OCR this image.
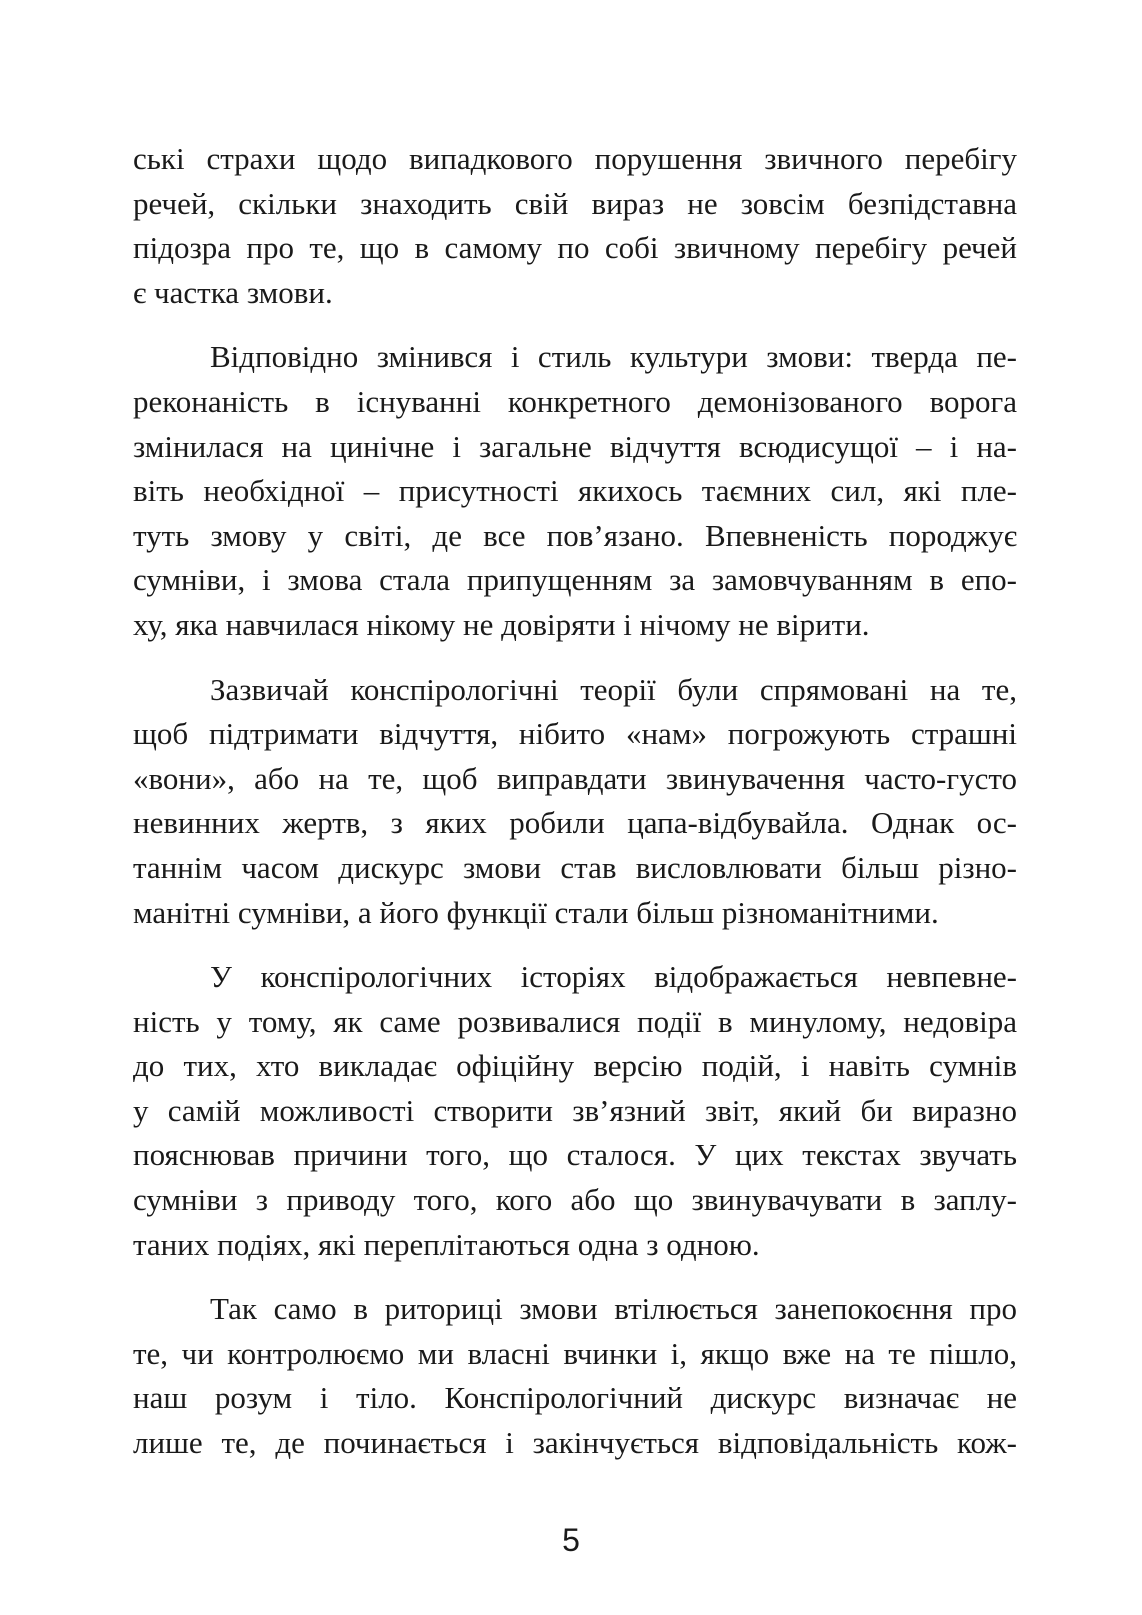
ські страхи щодо випадкового порушення звичного перебігу
речей, скільки знаходить свій вираз не зовсім безпідставна
підозра про те, що в самому по собі звичному перебігу речей
є частка змови.
Відповідно змінився і стиль культури змови: тверда пе-
реконаність в існуванні конкретного демонізованого ворога
змінилася на цинічне і загальне відчуття всюдисущої – і на-
віть необхідної – присутності якихось таємних сил, які пле-
туть змову у світі, де все пов’язано. Впевненість породжує
сумніви, і змова стала припущенням за замовчуванням в епо-
ху, яка навчилася нікому не довіряти і нічому не вірити.
Зазвичай конспірологічні теорії були спрямовані на те,
щоб підтримати відчуття, нібито «нам» погрожують страшні
«вони», або на те, щоб виправдати звинувачення часто-густо
невинних жертв, з яких робили цапа-відбувайла. Однак ос-
таннім часом дискурс змови став висловлювати більш різно-
манітні сумніви, а його функції стали більш різноманітними.
У конспірологічних історіях відображається невпевне-
ність у тому, як саме розвивалися події в минулому, недовіра
до тих, хто викладає офіційну версію подій, і навіть сумнів
у самій можливості створити зв’язний звіт, який би виразно
пояснював причини того, що сталося. У цих текстах звучать
сумніви з приводу того, кого або що звинувачувати в заплу-
таних подіях, які переплітаються одна з одною.
Так само в риториці змови втілюється занепокоєння про
те, чи контролюємо ми власні вчинки і, якщо вже на те пішло,
наш розум і тіло. Конспірологічний дискурс визначає не
лише те, де починається і закінчується відповідальність кож-
5
